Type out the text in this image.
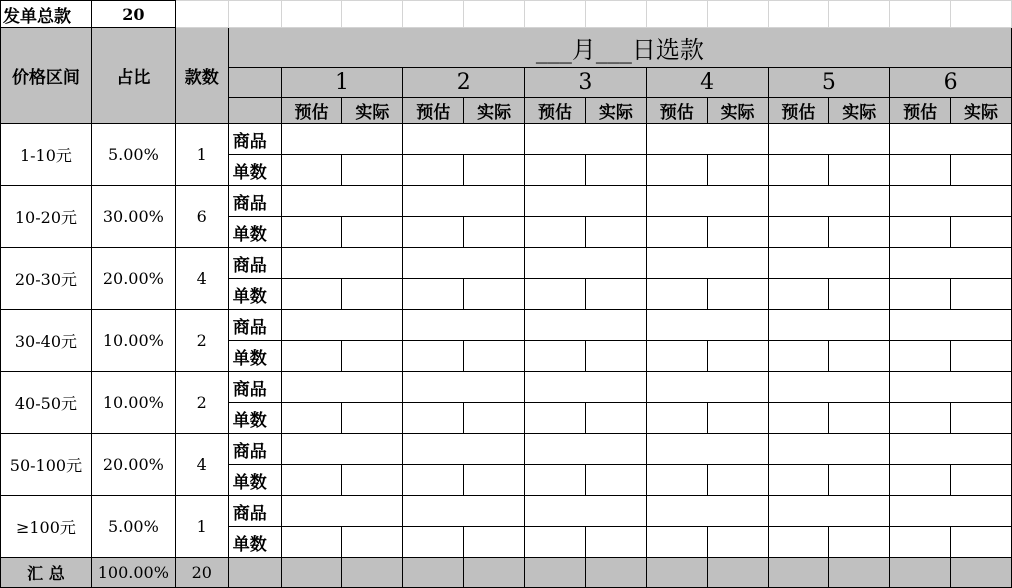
发单总款	20														
价格区间	占比	款数	___月___日选款												
				1		2		3		4		5		6	
				预估	实际	预估	实际	预估	实际	预估	实际	预估	实际	预估	实际
1-10元	5.00%	1	商品												
			单数												
10-20元	30.00%	6	商品												
			单数												
20-30元	20.00%	4	商品												
			单数												
30-40元	10.00%	2	商品												
			单数												
40-50元	10.00%	2	商品												
			单数												
50-100元	20.00%	4	商品												
			单数												
≥100元	5.00%	1	商品												
			单数												
汇 总	100.00%	20													
